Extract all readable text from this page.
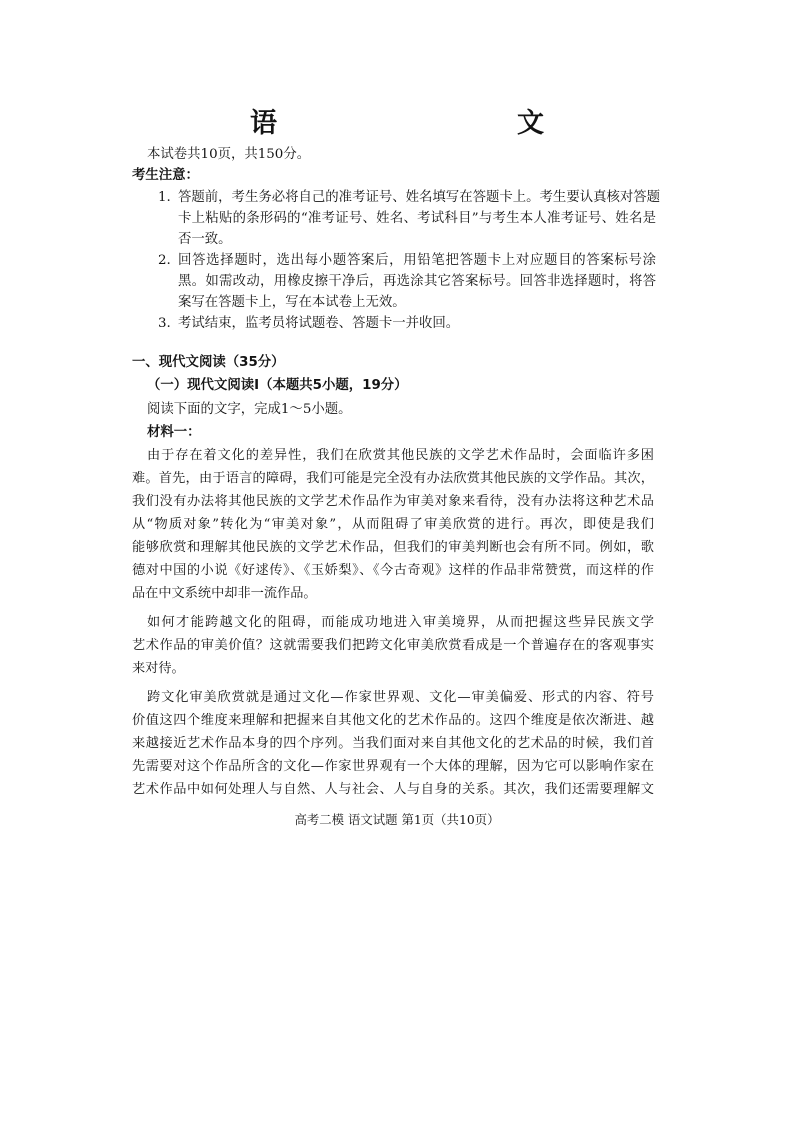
语　　文
本试卷共10页，共150分。
考生注意：
1. 答题前，考生务必将自己的准考证号、姓名填写在答题卡上。考生要认真核对答题
卡上粘贴的条形码的“准考证号、姓名、考试科目”与考生本人准考证号、姓名是
否一致。
2. 回答选择题时，选出每小题答案后，用铅笔把答题卡上对应题目的答案标号涂
黑。如需改动，用橡皮擦干净后，再选涂其它答案标号。回答非选择题时，将答
案写在答题卡上，写在本试卷上无效。
3. 考试结束，监考员将试题卷、答题卡一并收回。
一、现代文阅读（35分）
（一）现代文阅读Ⅰ（本题共5小题，19分）
阅读下面的文字，完成1～5小题。
材料一：
由于存在着文化的差异性，我们在欣赏其他民族的文学艺术作品时，会面临许多困
难。首先，由于语言的障碍，我们可能是完全没有办法欣赏其他民族的文学作品。其次，
我们没有办法将其他民族的文学艺术作品作为审美对象来看待，没有办法将这种艺术品
从“物质对象”转化为“审美对象”，从而阻碍了审美欣赏的进行。再次，即使是我们
能够欣赏和理解其他民族的文学艺术作品，但我们的审美判断也会有所不同。例如，歌
德对中国的小说《好逑传》、《玉娇梨》、《今古奇观》这样的作品非常赞赏，而这样的作
品在中文系统中却非一流作品。
如何才能跨越文化的阻碍，而能成功地进入审美境界，从而把握这些异民族文学
艺术作品的审美价值？这就需要我们把跨文化审美欣赏看成是一个普遍存在的客观事实
来对待。
跨文化审美欣赏就是通过文化—作家世界观、文化—审美偏爱、形式的内容、符号
价值这四个维度来理解和把握来自其他文化的艺术作品的。这四个维度是依次渐进、越
来越接近艺术作品本身的四个序列。当我们面对来自其他文化的艺术品的时候，我们首
先需要对这个作品所含的文化—作家世界观有一个大体的理解，因为它可以影响作家在
艺术作品中如何处理人与自然、人与社会、人与自身的关系。其次，我们还需要理解文
高考二模 语文试题 第1页（共10页）
